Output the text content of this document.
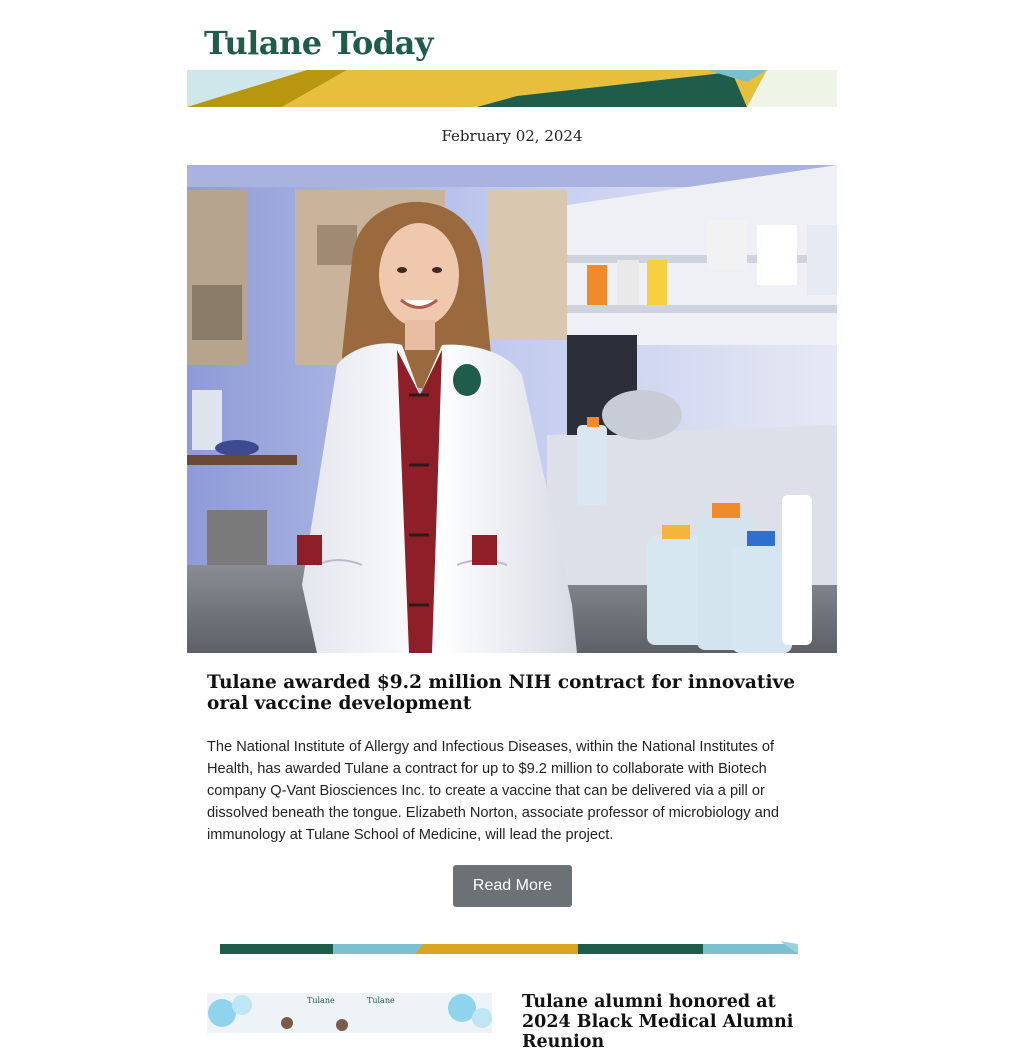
Tulane Today
February 02, 2024
Tulane awarded $9.2 million NIH contract for innovative oral vaccine development

The National Institute of Allergy and Infectious Diseases, within the National Institutes of Health, has awarded Tulane a contract for up to $9.2 million to collaborate with Biotech company Q-Vant Biosciences Inc. to create a vaccine that can be delivered via a pill or dissolved beneath the tongue. Elizabeth Norton, associate professor of microbiology and immunology at Tulane School of Medicine, will lead the project.

Read More
Tulane	Tulane	Tulane alumni honored at 2024 Black Medical Alumni Reunion
